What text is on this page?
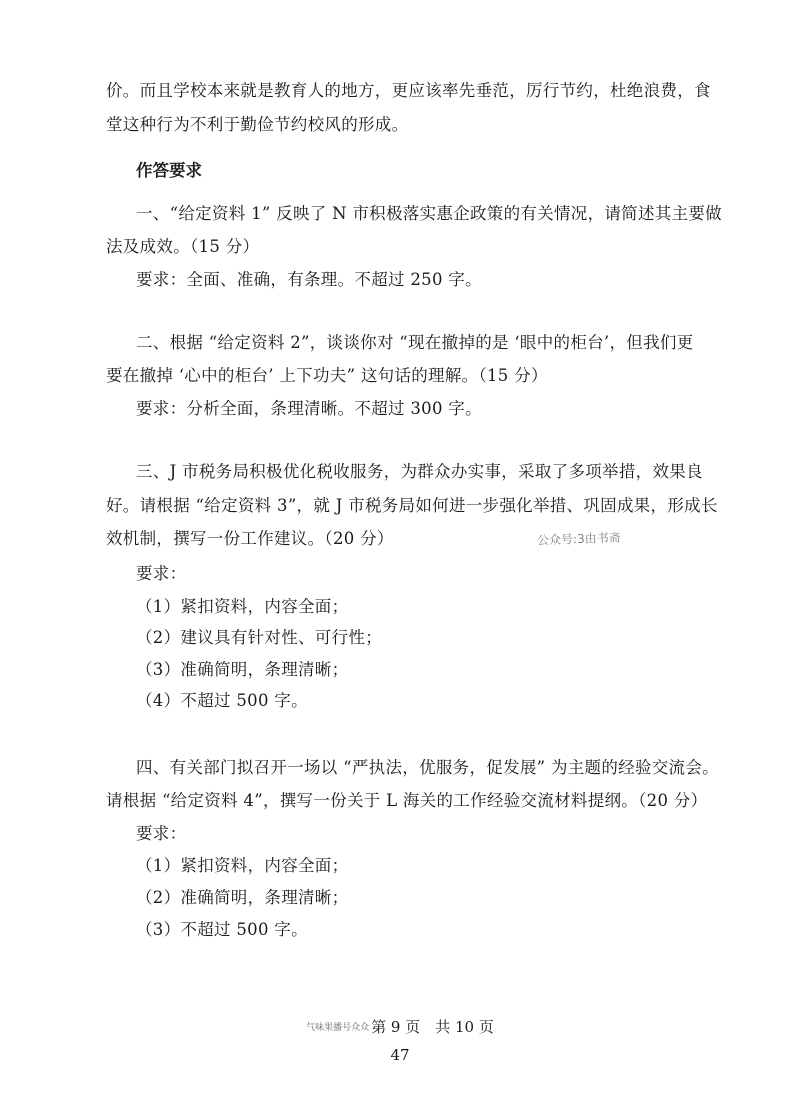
价。而且学校本来就是教育人的地方，更应该率先垂范，厉行节约，杜绝浪费，食
堂这种行为不利于勤俭节约校风的形成。
作答要求
一、“给定资料 1” 反映了 N 市积极落实惠企政策的有关情况，请简述其主要做
法及成效。（15 分）
要求：全面、准确，有条理。不超过 250 字。
二、根据 “给定资料 2”，谈谈你对 “现在撤掉的是 ‘眼中的柜台’，但我们更
要在撤掉 ‘心中的柜台’ 上下功夫” 这句话的理解。（15 分）
要求：分析全面，条理清晰。不超过 300 字。
三、J 市税务局积极优化税收服务，为群众办实事，采取了多项举措，效果良
好。请根据 “给定资料 3”，就 J 市税务局如何进一步强化举措、巩固成果，形成长
效机制，撰写一份工作建议。（20 分）	公众号:3由书斋
要求：
（1）紧扣资料，内容全面；
（2）建议具有针对性、可行性；
（3）准确简明，条理清晰；
（4）不超过 500 字。
四、有关部门拟召开一场以 “严执法，优服务，促发展” 为主题的经验交流会。
请根据 “给定资料 4”，撰写一份关于 L 海关的工作经验交流材料提纲。（20 分）
要求：
（1）紧扣资料，内容全面；
（2）准确简明，条理清晰；
（3）不超过 500 字。
气味果播号众众 第 9 页　共 10 页
47
